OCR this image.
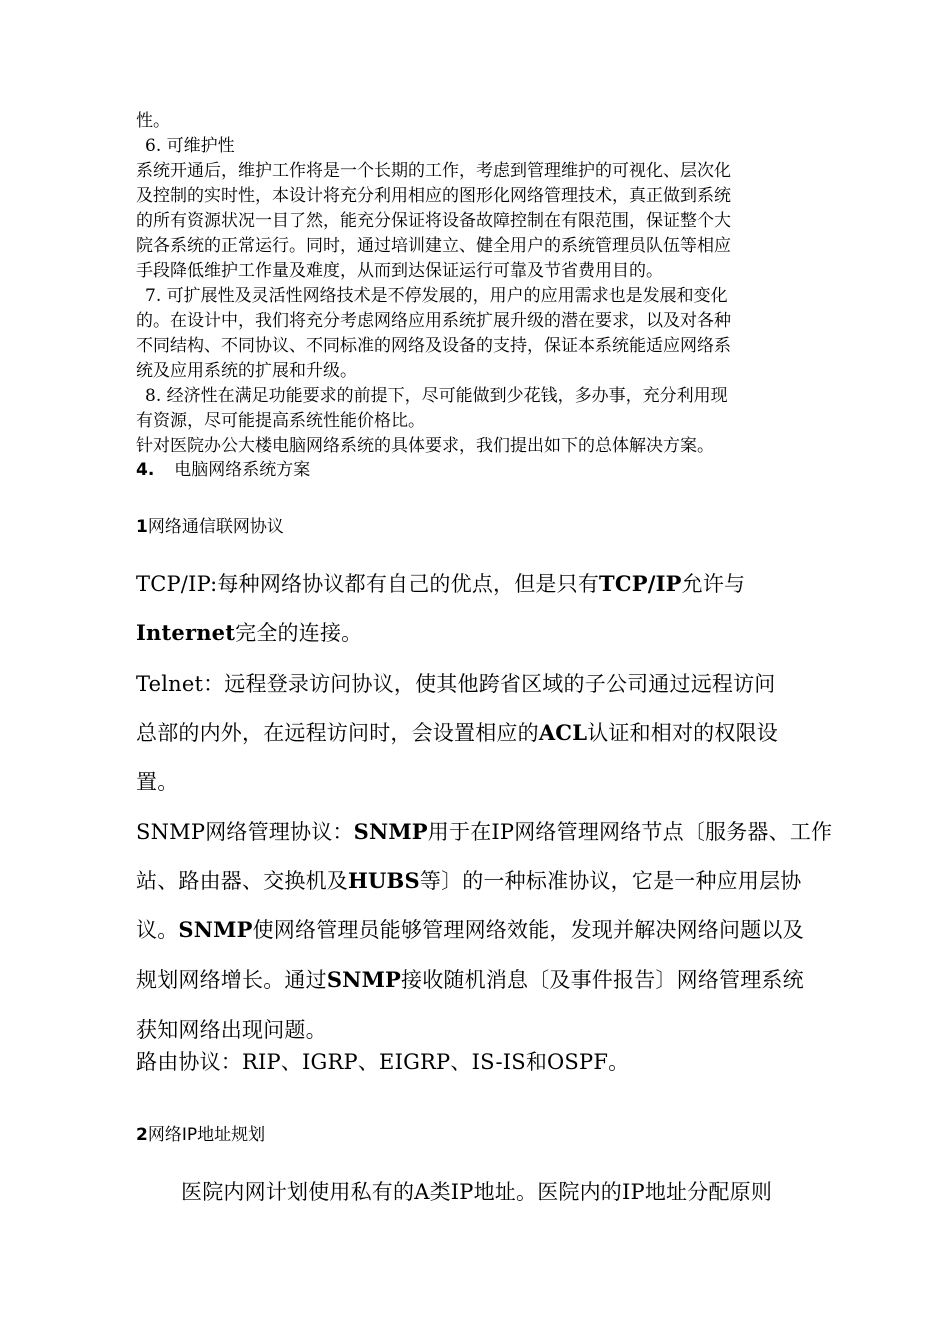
性。
6. 可维护性
系统开通后，维护工作将是一个长期的工作，考虑到管理维护的可视化、层次化
及控制的实时性，本设计将充分利用相应的图形化网络管理技术，真正做到系统
的所有资源状况一目了然，能充分保证将设备故障控制在有限范围，保证整个大
院各系统的正常运行。同时，通过培训建立、健全用户的系统管理员队伍等相应
手段降低维护工作量及难度，从而到达保证运行可靠及节省费用目的。
7. 可扩展性及灵活性网络技术是不停发展的，用户的应用需求也是发展和变化
的。在设计中，我们将充分考虑网络应用系统扩展升级的潜在要求，以及对各种
不同结构、不同协议、不同标准的网络及设备的支持，保证本系统能适应网络系
统及应用系统的扩展和升级。
8. 经济性在满足功能要求的前提下，尽可能做到少花钱，多办事，充分利用现
有资源，尽可能提高系统性能价格比。
针对医院办公大楼电脑网络系统的具体要求，我们提出如下的总体解决方案。
4. 电脑网络系统方案
1网络通信联网协议
TCP/IP:每种网络协议都有自己的优点，但是只有TCP/IP允许与
Internet完全的连接。
Telnet：远程登录访问协议，使其他跨省区域的子公司通过远程访问
总部的内外，在远程访问时，会设置相应的ACL认证和相对的权限设
置。
SNMP网络管理协议：SNMP用于在IP网络管理网络节点〔服务器、工作
站、路由器、交换机及HUBS等〕的一种标准协议，它是一种应用层协
议。SNMP使网络管理员能够管理网络效能，发现并解决网络问题以及
规划网络增长。通过SNMP接收随机消息〔及事件报告〕网络管理系统
获知网络出现问题。
路由协议：RIP、IGRP、EIGRP、IS-IS和OSPF。
2网络IP地址规划
医院内网计划使用私有的A类IP地址。医院内的IP地址分配原则
